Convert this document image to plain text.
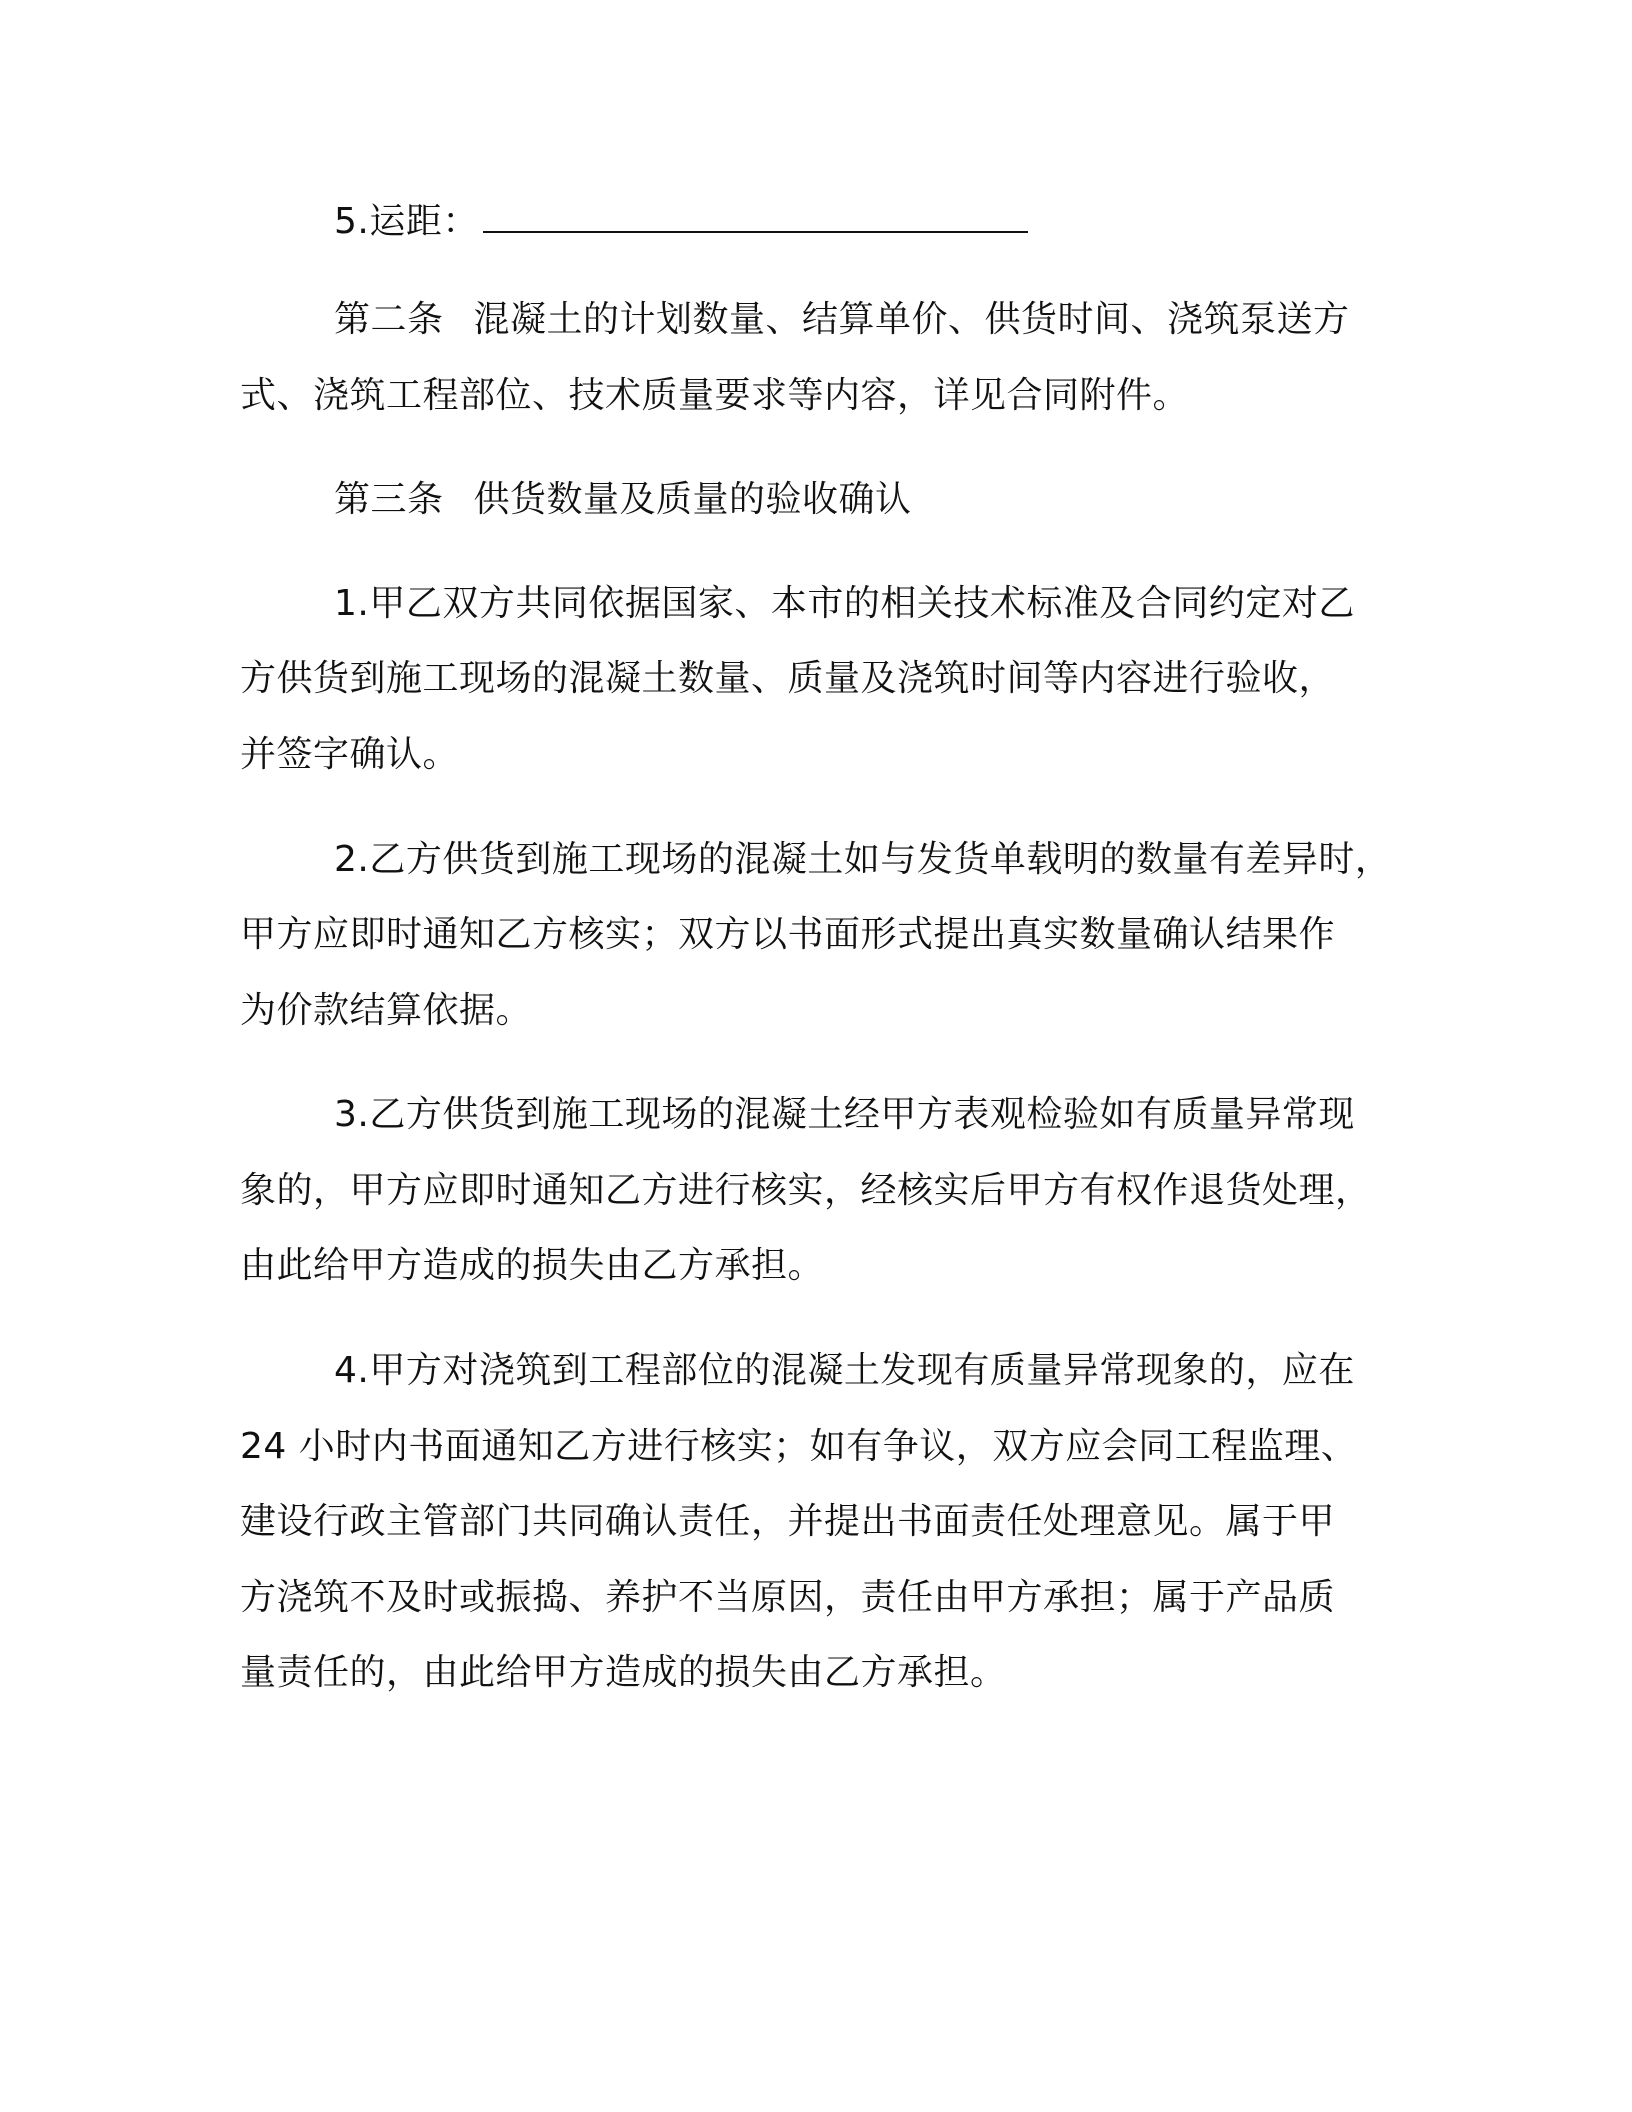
5.运距：
第二条 混凝土的计划数量、结算单价、供货时间、浇筑泵送方
式、浇筑工程部位、技术质量要求等内容，详见合同附件。
第三条 供货数量及质量的验收确认
1.甲乙双方共同依据国家、本市的相关技术标准及合同约定对乙
方供货到施工现场的混凝土数量、质量及浇筑时间等内容进行验收，
并签字确认。
2.乙方供货到施工现场的混凝土如与发货单载明的数量有差异时，
甲方应即时通知乙方核实；双方以书面形式提出真实数量确认结果作
为价款结算依据。
3.乙方供货到施工现场的混凝土经甲方表观检验如有质量异常现
象的，甲方应即时通知乙方进行核实，经核实后甲方有权作退货处理，
由此给甲方造成的损失由乙方承担。
4.甲方对浇筑到工程部位的混凝土发现有质量异常现象的，应在
24 小时内书面通知乙方进行核实；如有争议，双方应会同工程监理、
建设行政主管部门共同确认责任，并提出书面责任处理意见。属于甲
方浇筑不及时或振捣、养护不当原因，责任由甲方承担；属于产品质
量责任的，由此给甲方造成的损失由乙方承担。
